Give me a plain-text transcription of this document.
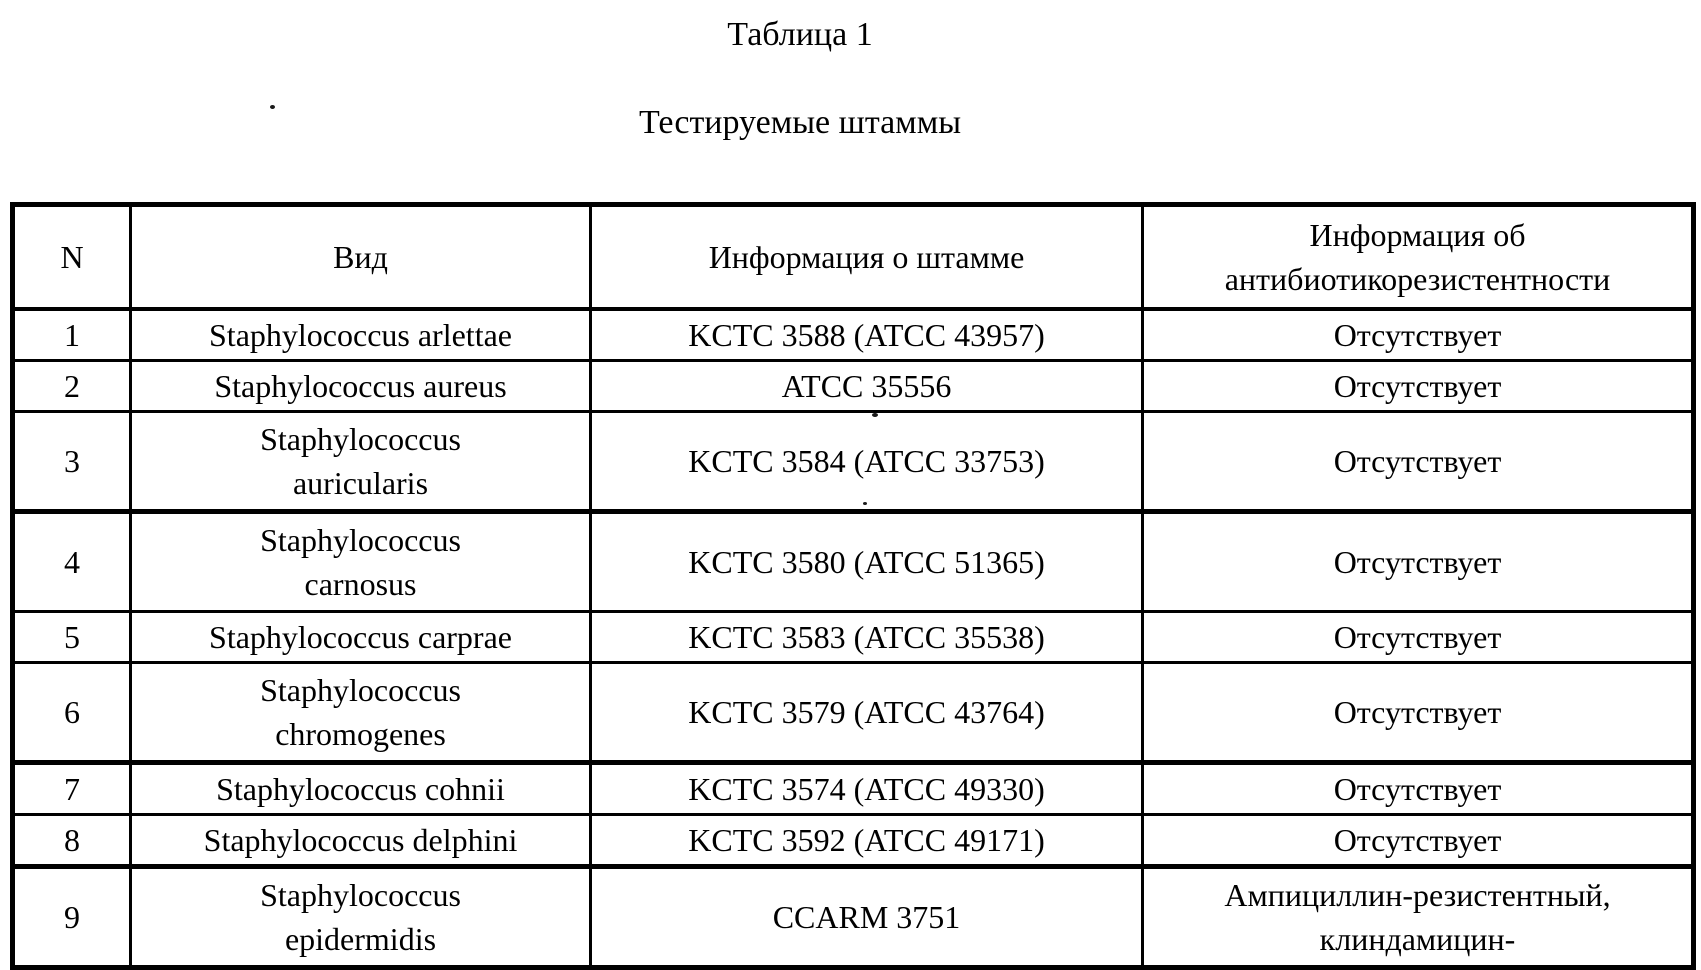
Таблица 1
Тестируемые штаммы
N	Вид	Информация о штамме	Информация об
антибиотикорезистентности
1	Staphylococcus arlettae	KCTC 3588 (ATCC 43957)	Отсутствует
2	Staphylococcus aureus	ATCC 35556	Отсутствует
3	Staphylococcus
auricularis	KCTC 3584 (ATCC 33753)	Отсутствует
4	Staphylococcus
carnosus	KCTC 3580 (ATCC 51365)	Отсутствует
5	Staphylococcus carprae	KCTC 3583 (ATCC 35538)	Отсутствует
6	Staphylococcus
chromogenes	KCTC 3579 (ATCC 43764)	Отсутствует
7	Staphylococcus cohnii	KCTC 3574 (ATCC 49330)	Отсутствует
8	Staphylococcus delphini	KCTC 3592 (ATCC 49171)	Отсутствует
9	Staphylococcus
epidermidis	CCARM 3751	Ампициллин-резистентный,
клиндамицин-
